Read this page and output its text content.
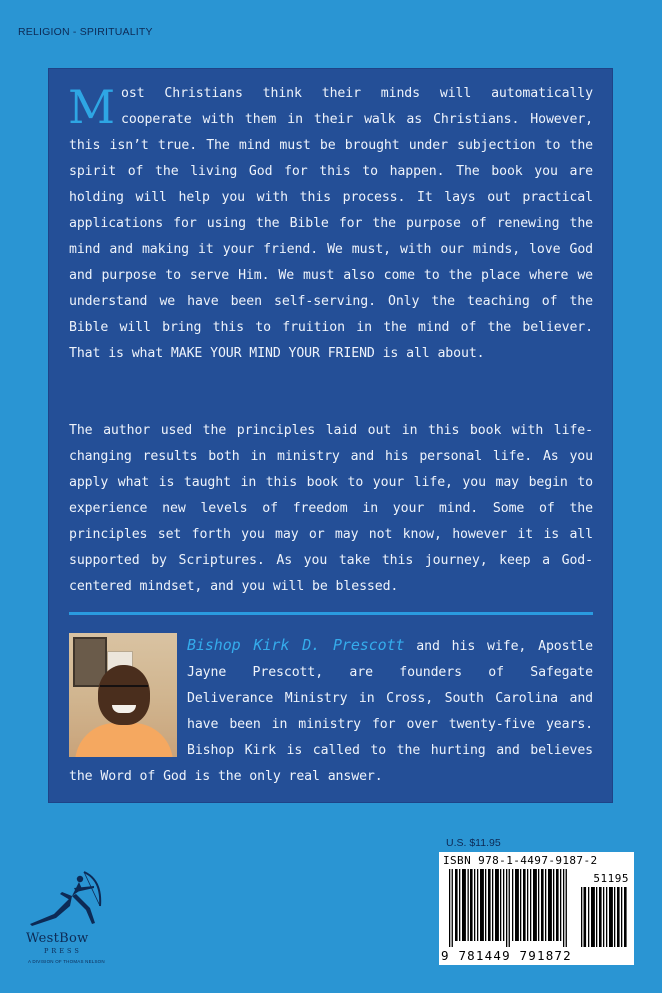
RELIGION - SPIRITUALITY
Most Christians think their minds will automatically cooperate with them in their walk as Christians. However, this isn’t true. The mind must be brought under subjection to the spirit of the living God for this to happen. The book you are holding will help you with this process. It lays out practical applications for using the Bible for the purpose of renewing the mind and making it your friend. We must, with our minds, love God and purpose to serve Him. We must also come to the place where we understand we have been self-serving. Only the teaching of the Bible will bring this to fruition in the mind of the believer. That is what MAKE YOUR MIND YOUR FRIEND is all about.
The author used the principles laid out in this book with life-changing results both in ministry and his personal life. As you apply what is taught in this book to your life, you may begin to experience new levels of freedom in your mind. Some of the principles set forth you may or may not know, however it is all supported by Scriptures. As you take this journey, keep a God-centered mindset, and you will be blessed.
Bishop Kirk D. Prescott and his wife, Apostle Jayne Prescott, are founders of Safegate Deliverance Ministry in Cross, South Carolina and have been in ministry for over twenty-five years. Bishop Kirk is called to the hurting and believes the Word of God is the only real answer.
WestBow
PRESS
A DIVISION OF THOMAS NELSON
U.S. $11.95
ISBN 978-1-4497-9187-2
51195
9 781449 791872
